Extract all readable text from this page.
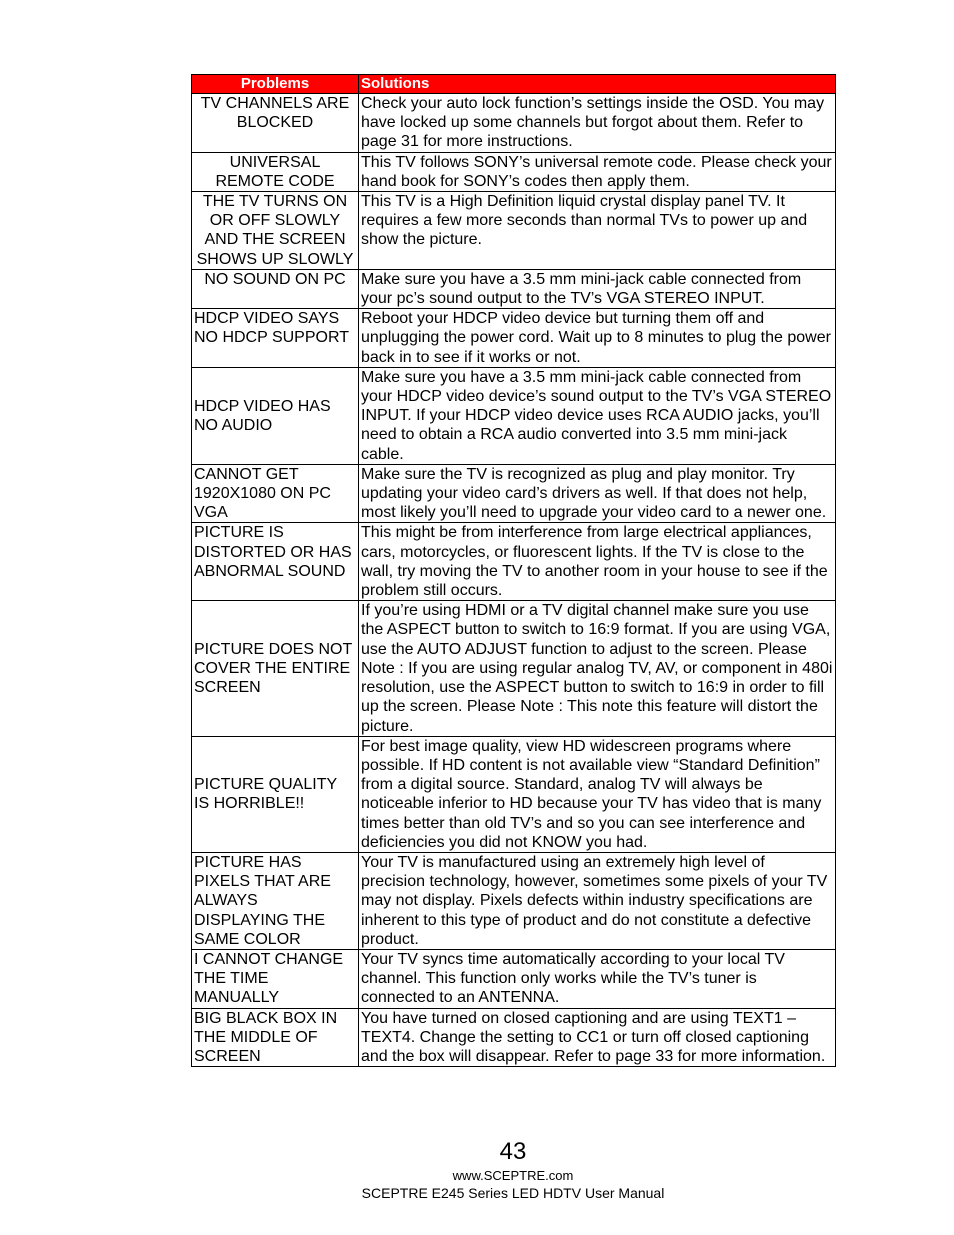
Problems	Solutions
TV CHANNELS ARE BLOCKED	Check your auto lock function’s settings inside the OSD. You may have locked up some channels but forgot about them. Refer to page 31 for more instructions.
UNIVERSAL REMOTE CODE	This TV follows SONY’s universal remote code. Please check your hand book for SONY’s codes then apply them.
THE TV TURNS ON OR OFF SLOWLY AND THE SCREEN SHOWS UP SLOWLY	This TV is a High Definition liquid crystal display panel TV. It requires a few more seconds than normal TVs to power up and show the picture.
NO SOUND ON PC	Make sure you have a 3.5 mm mini-jack cable connected from your pc’s sound output to the TV’s VGA STEREO INPUT.
HDCP VIDEO SAYS NO HDCP SUPPORT	Reboot your HDCP video device but turning them off and unplugging the power cord. Wait up to 8 minutes to plug the power back in to see if it works or not.
HDCP VIDEO HAS NO AUDIO	Make sure you have a 3.5 mm mini-jack cable connected from your HDCP video device’s sound output to the TV’s VGA STEREO INPUT. If your HDCP video device uses RCA AUDIO jacks, you’ll need to obtain a RCA audio converted into 3.5 mm mini-jack cable.
CANNOT GET 1920X1080 ON PC VGA	Make sure the TV is recognized as plug and play monitor. Try updating your video card’s drivers as well. If that does not help, most likely you’ll need to upgrade your video card to a newer one.
PICTURE IS DISTORTED OR HAS ABNORMAL SOUND	This might be from interference from large electrical appliances, cars, motorcycles, or fluorescent lights. If the TV is close to the wall, try moving the TV to another room in your house to see if the problem still occurs.
PICTURE DOES NOT COVER THE ENTIRE SCREEN	If you’re using HDMI or a TV digital channel make sure you use the ASPECT button to switch to 16:9 format. If you are using VGA, use the AUTO ADJUST function to adjust to the screen. Please Note : If you are using regular analog TV, AV, or component in 480i resolution, use the ASPECT button to switch to 16:9 in order to fill up the screen. Please Note : This note this feature will distort the picture.
PICTURE QUALITY IS HORRIBLE!!	For best image quality, view HD widescreen programs where possible. If HD content is not available view “Standard Definition” from a digital source. Standard, analog TV will always be noticeable inferior to HD because your TV has video that is many times better than old TV’s and so you can see interference and deficiencies you did not KNOW you had.
PICTURE HAS PIXELS THAT ARE ALWAYS DISPLAYING THE SAME COLOR	Your TV is manufactured using an extremely high level of precision technology, however, sometimes some pixels of your TV may not display. Pixels defects within industry specifications are inherent to this type of product and do not constitute a defective product.
I CANNOT CHANGE THE TIME MANUALLY	Your TV syncs time automatically according to your local TV channel. This function only works while the TV’s tuner is connected to an ANTENNA.
BIG BLACK BOX IN THE MIDDLE OF SCREEN	You have turned on closed captioning and are using TEXT1 – TEXT4. Change the setting to CC1 or turn off closed captioning and the box will disappear. Refer to page 33 for more information.
43
www.SCEPTRE.com
SCEPTRE E245 Series LED HDTV User Manual
